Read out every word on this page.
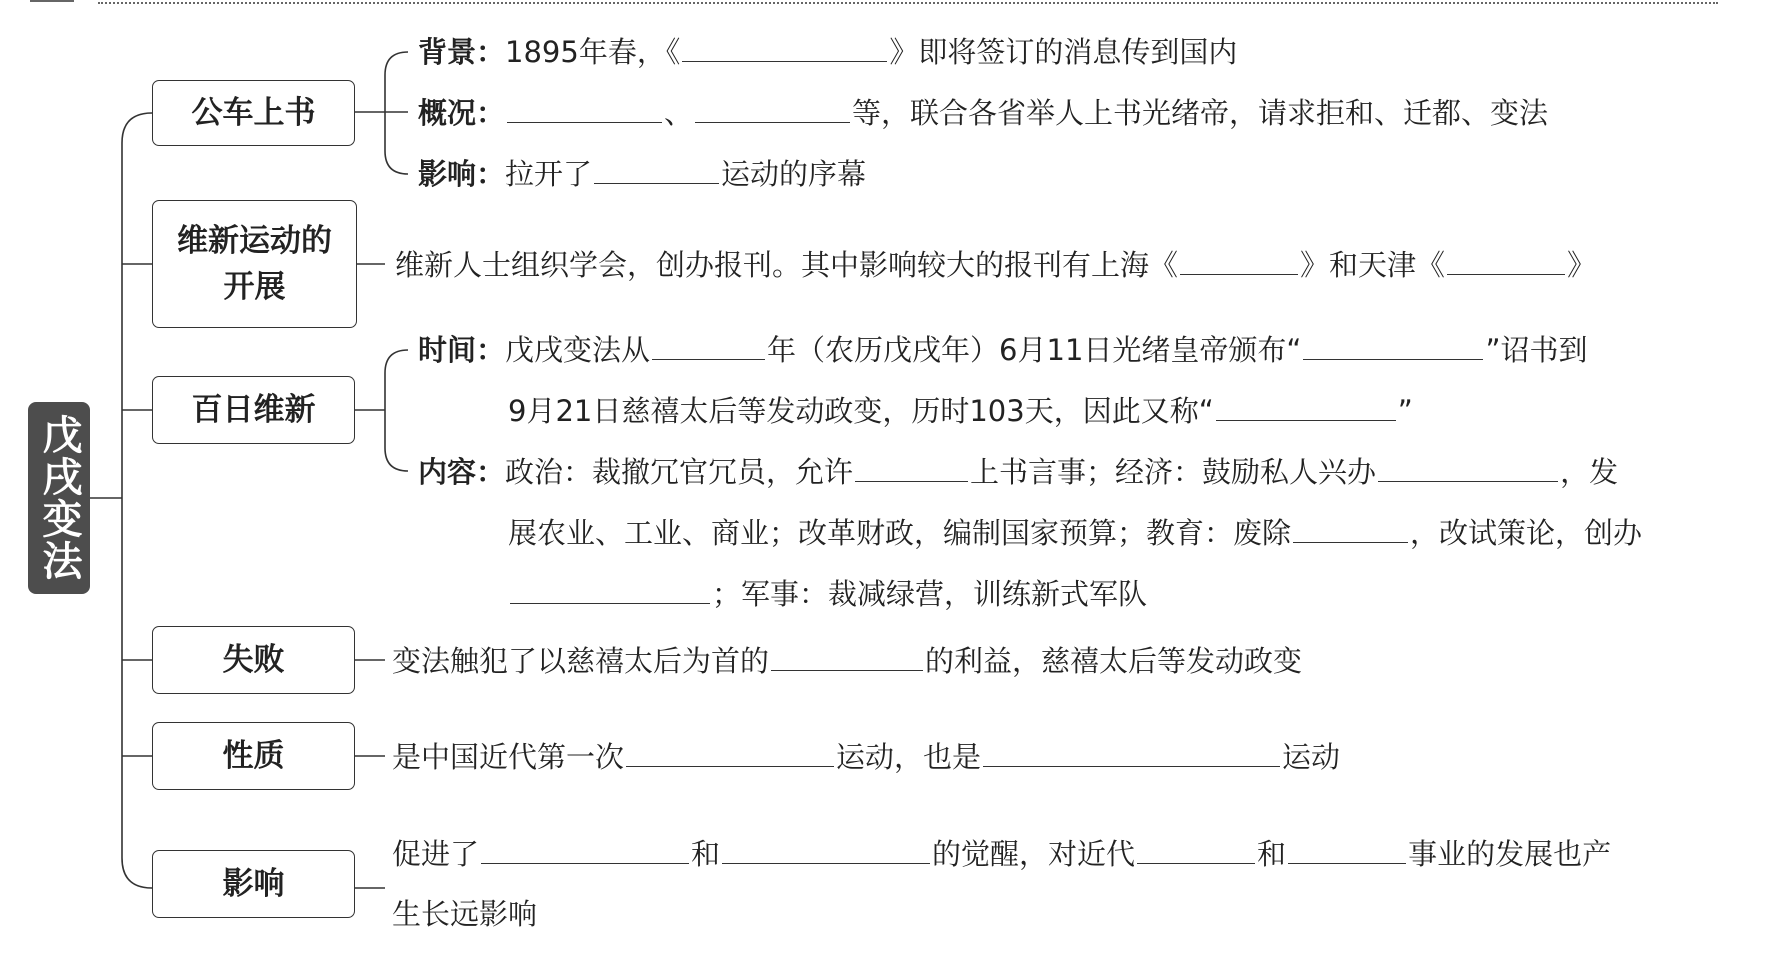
戊戌变法
公车上书
维新运动的
开展
百日维新
失败
性质
影响
背景：1895年春，《	》即将签订的消息传到国内
概况：	、	等，联合各省举人上书光绪帝，请求拒和、迁都、变法
影响：拉开了	运动的序幕
维新人士组织学会，创办报刊。其中影响较大的报刊有上海《	》和天津《	》
时间：戊戌变法从	年（农历戊戌年）6月11日光绪皇帝颁布“	”诏书到
9月21日慈禧太后等发动政变，历时103天，因此又称“	”
内容：政治：裁撤冗官冗员，允许	上书言事；经济：鼓励私人兴办	，发
展农业、工业、商业；改革财政，编制国家预算；教育：废除	，改试策论，创办
；军事：裁减绿营，训练新式军队
变法触犯了以慈禧太后为首的	的利益，慈禧太后等发动政变
是中国近代第一次	运动，也是	运动
促进了	和	的觉醒，对近代	和	事业的发展也产
生长远影响
